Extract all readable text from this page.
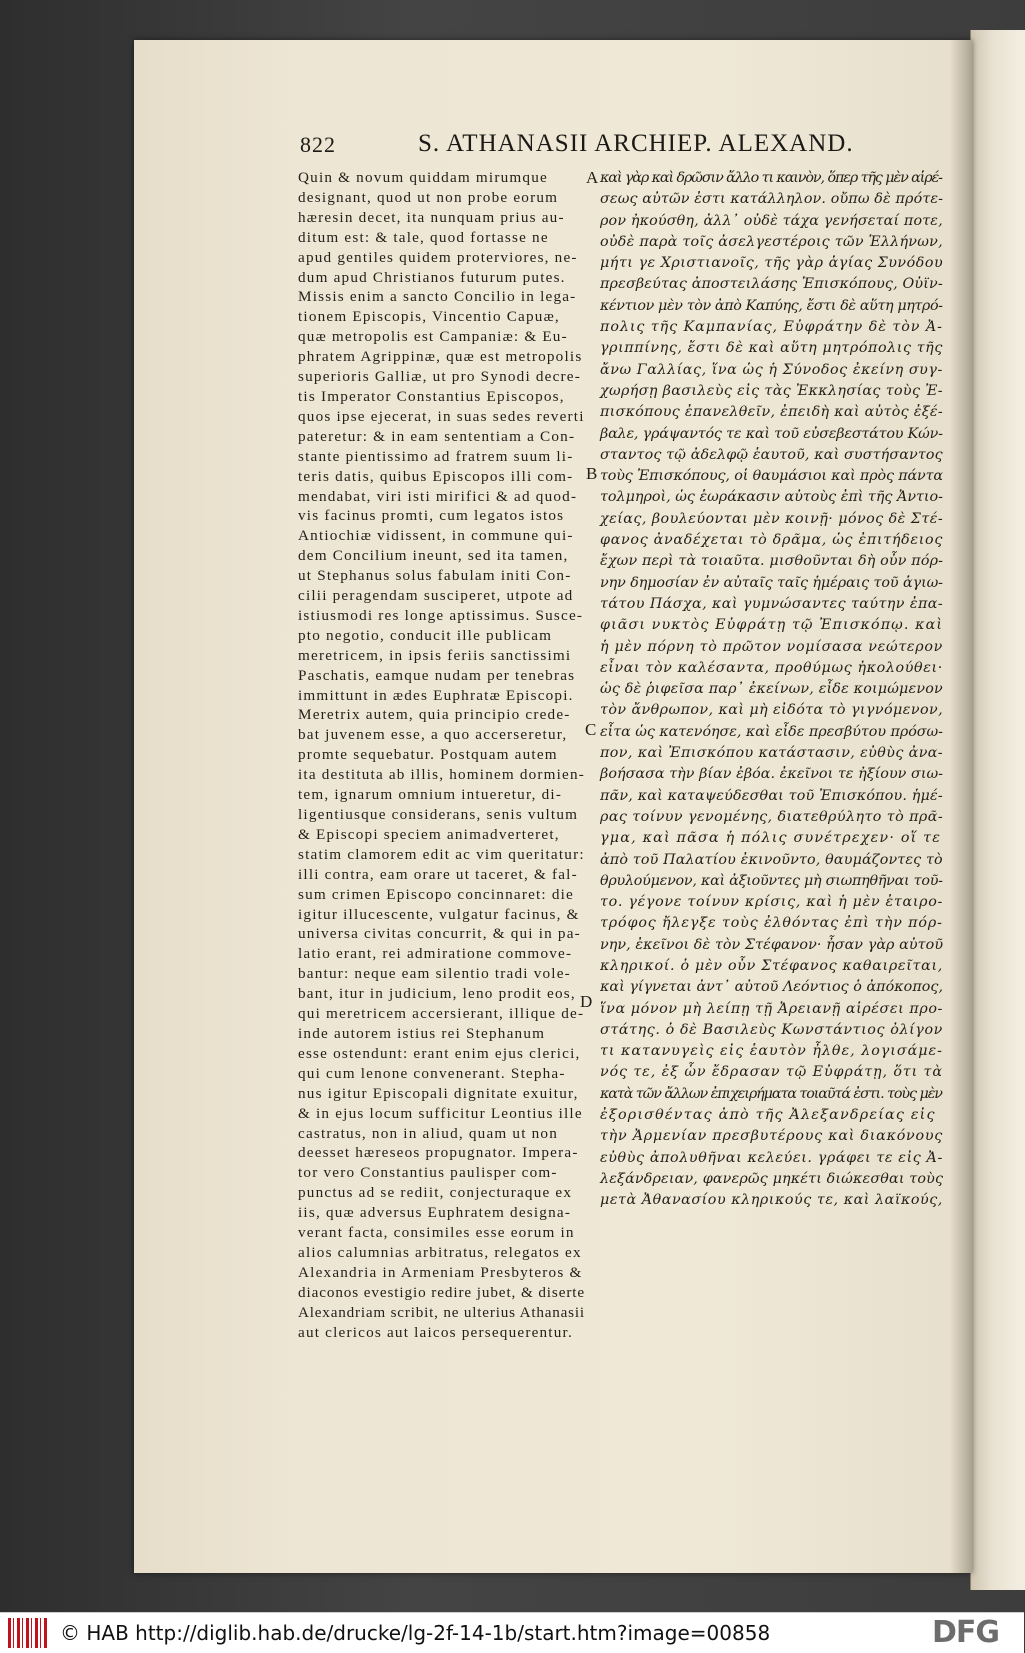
822	S. ATHANASII ARCHIEP. ALEXAND.
Quin & novum quiddam mirumque
designant, quod ut non probe eorum
hæresin decet, ita nunquam prius au-
ditum est: & tale, quod fortasse ne
apud gentiles quidem proterviores, ne-
dum apud Christianos futurum putes.
Missis enim a sancto Concilio in lega-
tionem Episcopis, Vincentio Capuæ,
quæ metropolis est Campaniæ: & Eu-
phratem Agrippinæ, quæ est metropolis
superioris Galliæ, ut pro Synodi decre-
tis Imperator Constantius Episcopos,
quos ipse ejecerat, in suas sedes reverti
pateretur: & in eam sententiam a Con-
stante pientissimo ad fratrem suum li-
teris datis, quibus Episcopos illi com-
mendabat, viri isti mirifici & ad quod-
vis facinus promti, cum legatos istos
Antiochiæ vidissent, in commune qui-
dem Concilium ineunt, sed ita tamen,
ut Stephanus solus fabulam initi Con-
cilii peragendam susciperet, utpote ad
istiusmodi res longe aptissimus. Susce-
pto negotio, conducit ille publicam
meretricem, in ipsis feriis sanctissimi
Paschatis, eamque nudam per tenebras
immittunt in ædes Euphratæ Episcopi.
Meretrix autem, quia principio crede-
bat juvenem esse, a quo accerseretur,
promte sequebatur. Postquam autem
ita destituta ab illis, hominem dormien-
tem, ignarum omnium intueretur, di-
ligentiusque considerans, senis vultum
& Episcopi speciem animadverteret,
statim clamorem edit ac vim queritatur:
illi contra, eam orare ut taceret, & fal-
sum crimen Episcopo concinnaret: die
igitur illucescente, vulgatur facinus, &
universa civitas concurrit, & qui in pa-
latio erant, rei admiratione commove-
bantur: neque eam silentio tradi vole-
bant, itur in judicium, leno prodit eos,
qui meretricem accersierant, illique de-
inde autorem istius rei Stephanum
esse ostendunt: erant enim ejus clerici,
qui cum lenone convenerant. Stepha-
nus igitur Episcopali dignitate exuitur,
& in ejus locum sufficitur Leontius ille
castratus, non in aliud, quam ut non
deesset hæreseos propugnator. Impera-
tor vero Constantius paulisper com-
punctus ad se rediit, conjecturaque ex
iis, quæ adversus Euphratem designa-
verant facta, consimiles esse eorum in
alios calumnias arbitratus, relegatos ex
Alexandria in Armeniam Presbyteros &
diaconos evestigio redire jubet, & diserte
Alexandriam scribit, ne ulterius Athanasii
aut clericos aut laicos persequerentur.
καὶ γὰρ καὶ δρῶσιν ἄλλο τι καινὸν, ὅπερ τῆς μὲν αἱρέ-
σεως αὐτῶν ἐστι κατάλληλον. οὔπω δὲ πρότε-
ρον ἠκούσθη, ἀλλ᾽ οὐδὲ τάχα γενήσεταί ποτε,
οὐδὲ παρὰ τοῖς ἀσελγεστέροις τῶν Ἑλλήνων,
μήτι γε Χριστιανοῖς, τῆς γὰρ ἁγίας Συνόδου
πρεσβεύτας ἀποστειλάσης Ἐπισκόπους, Οὐϊν-
κέντιον μὲν τὸν ἀπὸ Καπύης, ἔστι δὲ αὕτη μητρό-
πολις τῆς Καμπανίας, Εὐφράτην δὲ τὸν Ἀ-
γριππίνης, ἔστι δὲ καὶ αὕτη μητρόπολις τῆς
ἄνω Γαλλίας, ἵνα ὡς ἡ Σύνοδος ἐκείνη συγ-
χωρήσῃ βασιλεὺς εἰς τὰς Ἐκκλησίας τοὺς Ἐ-
πισκόπους ἐπανελθεῖν, ἐπειδὴ καὶ αὐτὸς ἐξέ-
βαλε, γράψαντός τε καὶ τοῦ εὐσεβεστάτου Κών-
σταντος τῷ ἀδελφῷ ἑαυτοῦ, καὶ συστήσαντος
τοὺς Ἐπισκόπους, οἱ θαυμάσιοι καὶ πρὸς πάντα
τολμηροὶ, ὡς ἑωράκασιν αὐτοὺς ἐπὶ τῆς Ἀντιο-
χείας, βουλεύονται μὲν κοινῇ· μόνος δὲ Στέ-
φανος ἀναδέχεται τὸ δρᾶμα, ὡς ἐπιτήδειος
ἔχων περὶ τὰ τοιαῦτα. μισθοῦνται δὴ οὖν πόρ-
νην δημοσίαν ἐν αὐταῖς ταῖς ἡμέραις τοῦ ἁγιω-
τάτου Πάσχα, καὶ γυμνώσαντες ταύτην ἐπα-
φιᾶσι νυκτὸς Εὐφράτῃ τῷ Ἐπισκόπῳ. καὶ
ἡ μὲν πόρνη τὸ πρῶτον νομίσασα νεώτερον
εἶναι τὸν καλέσαντα, προθύμως ἠκολούθει·
ὡς δὲ ῥιφεῖσα παρ᾽ ἐκείνων, εἶδε κοιμώμενον
τὸν ἄνθρωπον, καὶ μὴ εἰδότα τὸ γιγνόμενον,
εἶτα ὡς κατενόησε, καὶ εἶδε πρεσβύτου πρόσω-
πον, καὶ Ἐπισκόπου κατάστασιν, εὐθὺς ἀνα-
βοήσασα τὴν βίαν ἐβόα. ἐκεῖνοι τε ἠξίουν σιω-
πᾶν, καὶ καταψεύδεσθαι τοῦ Ἐπισκόπου. ἡμέ-
ρας τοίνυν γενομένης, διατεθρύλητο τὸ πρᾶ-
γμα, καὶ πᾶσα ἡ πόλις συνέτρεχεν· οἵ τε
ἀπὸ τοῦ Παλατίου ἐκινοῦντο, θαυμάζοντες τὸ
θρυλούμενον, καὶ ἀξιοῦντες μὴ σιωπηθῆναι τοῦ-
το. γέγονε τοίνυν κρίσις, καὶ ἡ μὲν ἑταιρο-
τρόφος ἤλεγξε τοὺς ἐλθόντας ἐπὶ τὴν πόρ-
νην, ἐκεῖνοι δὲ τὸν Στέφανον· ἦσαν γὰρ αὐτοῦ
κληρικοί. ὁ μὲν οὖν Στέφανος καθαιρεῖται,
καὶ γίγνεται ἀντ᾽ αὐτοῦ Λεόντιος ὁ ἀπόκοπος,
ἵνα μόνον μὴ λείπῃ τῇ Ἀρειανῇ αἱρέσει προ-
στάτης. ὁ δὲ Βασιλεὺς Κωνστάντιος ὀλίγον
τι κατανυγεὶς εἰς ἑαυτὸν ἦλθε, λογισάμε-
νός τε, ἐξ ὧν ἔδρασαν τῷ Εὐφράτῃ, ὅτι τὰ
κατὰ τῶν ἄλλων ἐπιχειρήματα τοιαῦτά ἐστι. τοὺς μὲν
ἐξορισθέντας ἀπὸ τῆς Ἀλεξανδρείας εἰς
τὴν Ἀρμενίαν πρεσβυτέρους καὶ διακόνους
εὐθὺς ἀπολυθῆναι κελεύει. γράφει τε εἰς Ἀ-
λεξάνδρειαν, φανερῶς μηκέτι διώκεσθαι τοὺς
μετὰ Ἀθανασίου κληρικούς τε, καὶ λαϊκούς,
A
B
C
D
© HAB http://diglib.hab.de/drucke/lg-2f-14-1b/start.htm?image=00858	DFG
